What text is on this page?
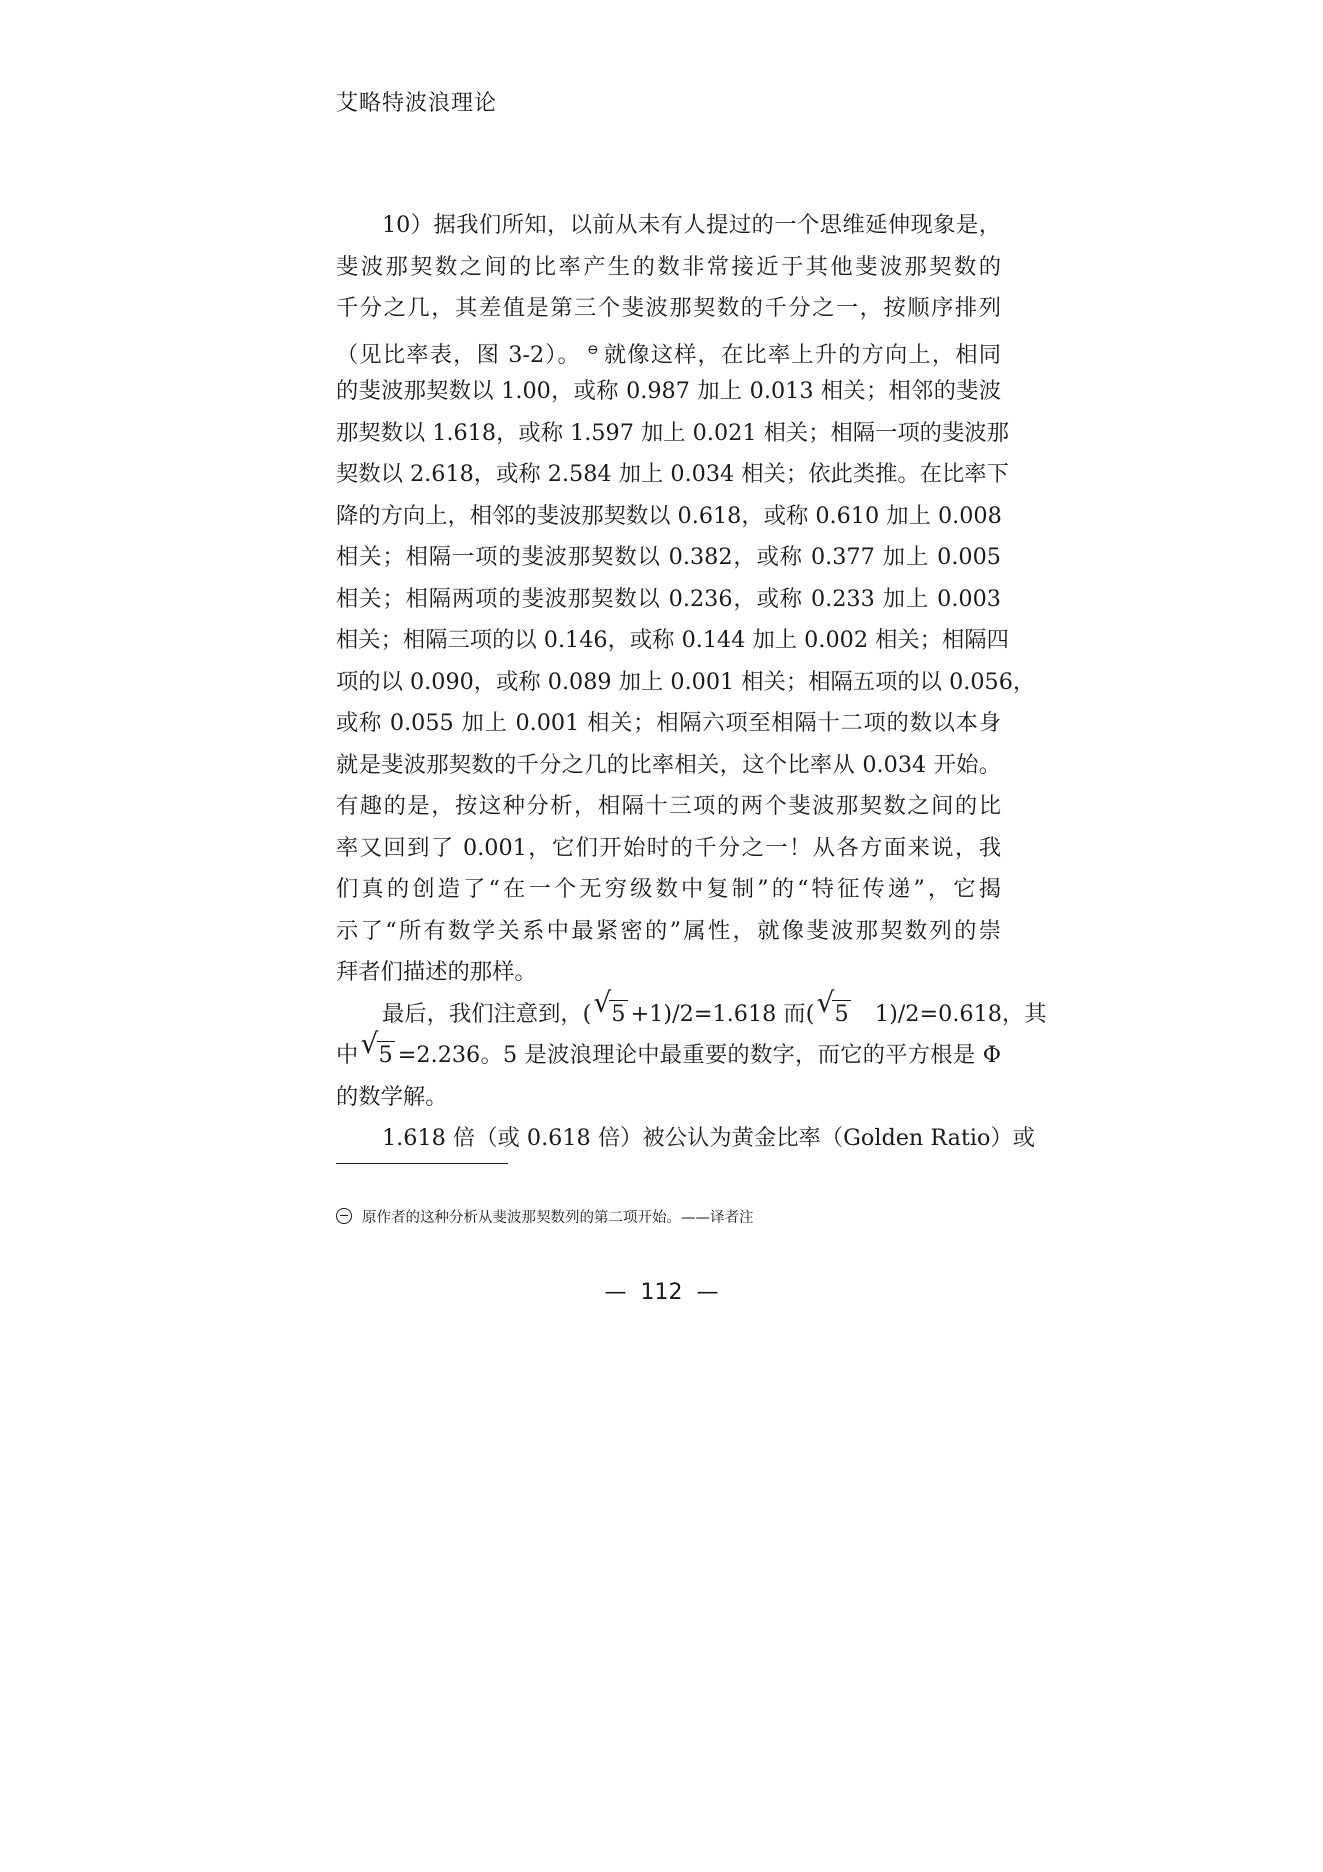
艾略特波浪理论
10）据我们所知，以前从未有人提过的一个思维延伸现象是，
斐波那契数之间的比率产生的数非常接近于其他斐波那契数的
千分之几，其差值是第三个斐波那契数的千分之一，按顺序排列
（见比率表，图 3-2）。 ⊖ 就像这样，在比率上升的方向上，相同
的斐波那契数以 1.00，或称 0.987 加上 0.013 相关；相邻的斐波
那契数以 1.618，或称 1.597 加上 0.021 相关；相隔一项的斐波那
契数以 2.618，或称 2.584 加上 0.034 相关；依此类推。在比率下
降的方向上，相邻的斐波那契数以 0.618，或称 0.610 加上 0.008
相关；相隔一项的斐波那契数以 0.382，或称 0.377 加上 0.005
相关；相隔两项的斐波那契数以 0.236，或称 0.233 加上 0.003
相关；相隔三项的以 0.146，或称 0.144 加上 0.002 相关；相隔四
项的以 0.090，或称 0.089 加上 0.001 相关；相隔五项的以 0.056，
或称 0.055 加上 0.001 相关；相隔六项至相隔十二项的数以本身
就是斐波那契数的千分之几的比率相关，这个比率从 0.034 开始。
有趣的是，按这种分析，相隔十三项的两个斐波那契数之间的比
率又回到了 0.001，它们开始时的千分之一！从各方面来说，我
们真的创造了“在一个无穷级数中复制”的“特征传递”，它揭
示了“所有数学关系中最紧密的”属性，就像斐波那契数列的崇
拜者们描述的那样。
最后，我们注意到，( √ 5 +1)/2=1.618 而( √ 5 1)/2=0.618，其
中 √ 5 =2.236。5 是波浪理论中最重要的数字，而它的平方根是 Φ
的数学解。
1.618 倍（或 0.618 倍）被公认为黄金比率（Golden Ratio）或
原作者的这种分析从斐波那契数列的第二项开始。——译者注
— 112 —
